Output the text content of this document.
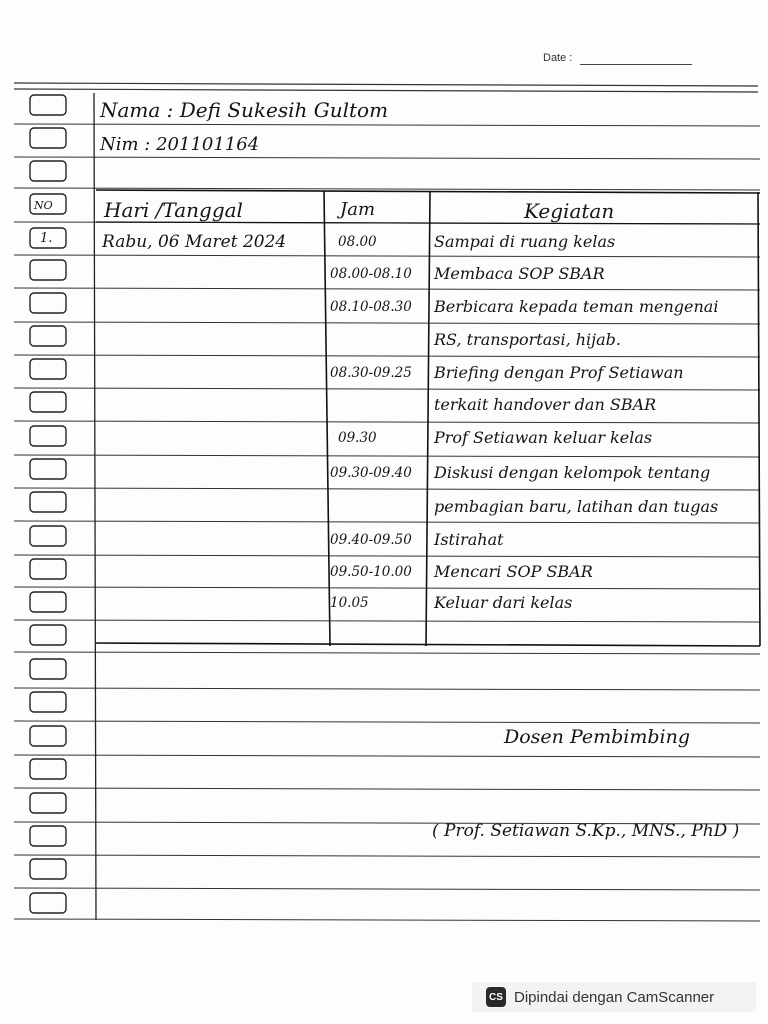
Date :
Nama : Defi Sukesih Gultom
Nim : 201101164
NO	Hari /Tanggal	Jam	Kegiatan
1.	Rabu, 06 Maret 2024	08.00	Sampai di ruang kelas
08.00-08.10 Membaca SOP SBAR
08.10-08.30 Berbicara kepada teman mengenai
RS, transportasi, hijab.
08.30-09.25 Briefing dengan Prof Setiawan
terkait handover dan SBAR
09.30	Prof Setiawan keluar kelas
09.30-09.40 Diskusi dengan kelompok tentang
pembagian baru, latihan dan tugas
09.40-09.50 Istirahat
09.50-10.00 Mencari SOP SBAR
10.05	Keluar dari kelas
Dosen Pembimbing
( Prof. Setiawan S.Kp., MNS., PhD )
CS Dipindai dengan CamScanner
